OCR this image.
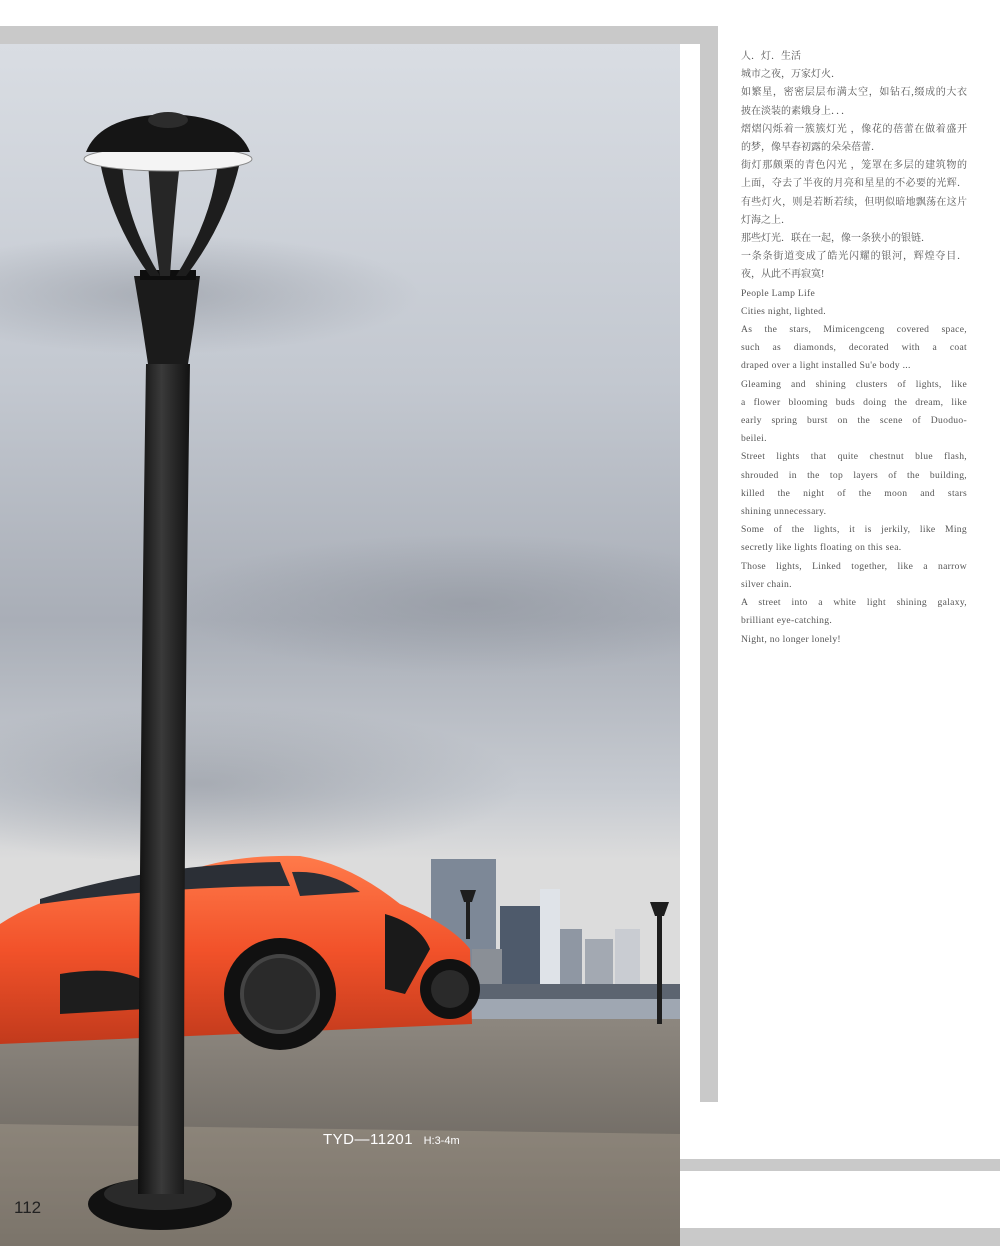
TYD—11201 H:3-4m
112
人．灯．生活
城市之夜，万家灯火．
如繁星，密密层层布满太空，如钻石,缀成的大衣
披在淡装的素娥身上．．．
熠熠闪烁着一簇簇灯光 ，像花的蓓蕾在做着盛开
的梦，像早春初露的朵朵蓓蕾．
街灯那颇栗的青色闪光 ，笼罩在多层的建筑物的
上面，夺去了半夜的月亮和星星的不必要的光辉．
有些灯火，则是若断若续，但明似暗地飘荡在这片
灯海之上．
那些灯光．联在一起，像一条狭小的银链．
一条条街道变成了皓光闪耀的银河，辉煌夺目．
夜，从此不再寂寞!
People Lamp Life
Cities night, lighted.
As the stars, Mimicengceng covered space,
such as diamonds, decorated with a coat
draped over a light installed Su'e body ...
Gleaming and shining clusters of lights, like
a flower blooming buds doing the dream, like
early spring burst on the scene of Duoduo-
beilei.
Street lights that quite chestnut blue flash,
shrouded in the top layers of the building,
killed the night of the moon and stars
shining unnecessary.
Some of the lights, it is jerkily, like Ming
secretly like lights floating on this sea.
Those lights, Linked together, like a narrow
silver chain.
A street into a white light shining galaxy,
brilliant eye-catching.
Night, no longer lonely!
